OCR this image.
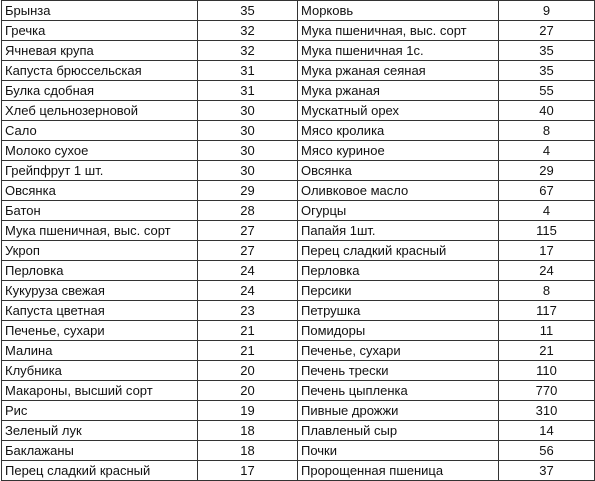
Брынза	35	Морковь	9
Гречка	32	Мука пшеничная, выс. сорт	27
Ячневая крупа	32	Мука пшеничная 1с.	35
Капуста брюссельская	31	Мука ржаная сеяная	35
Булка сдобная	31	Мука ржаная	55
Хлеб цельнозерновой	30	Мускатный орех	40
Сало	30	Мясо кролика	8
Молоко сухое	30	Мясо куриное	4
Грейпфрут 1 шт.	30	Овсянка	29
Овсянка	29	Оливковое масло	67
Батон	28	Огурцы	4
Мука пшеничная, выс. сорт	27	Папайя 1шт.	115
Укроп	27	Перец сладкий красный	17
Перловка	24	Перловка	24
Кукуруза свежая	24	Персики	8
Капуста цветная	23	Петрушка	117
Печенье, сухари	21	Помидоры	11
Малина	21	Печенье, сухари	21
Клубника	20	Печень трески	110
Макароны, высший сорт	20	Печень цыпленка	770
Рис	19	Пивные дрожжи	310
Зеленый лук	18	Плавленый сыр	14
Баклажаны	18	Почки	56
Перец сладкий красный	17	Пророщенная пшеница	37
